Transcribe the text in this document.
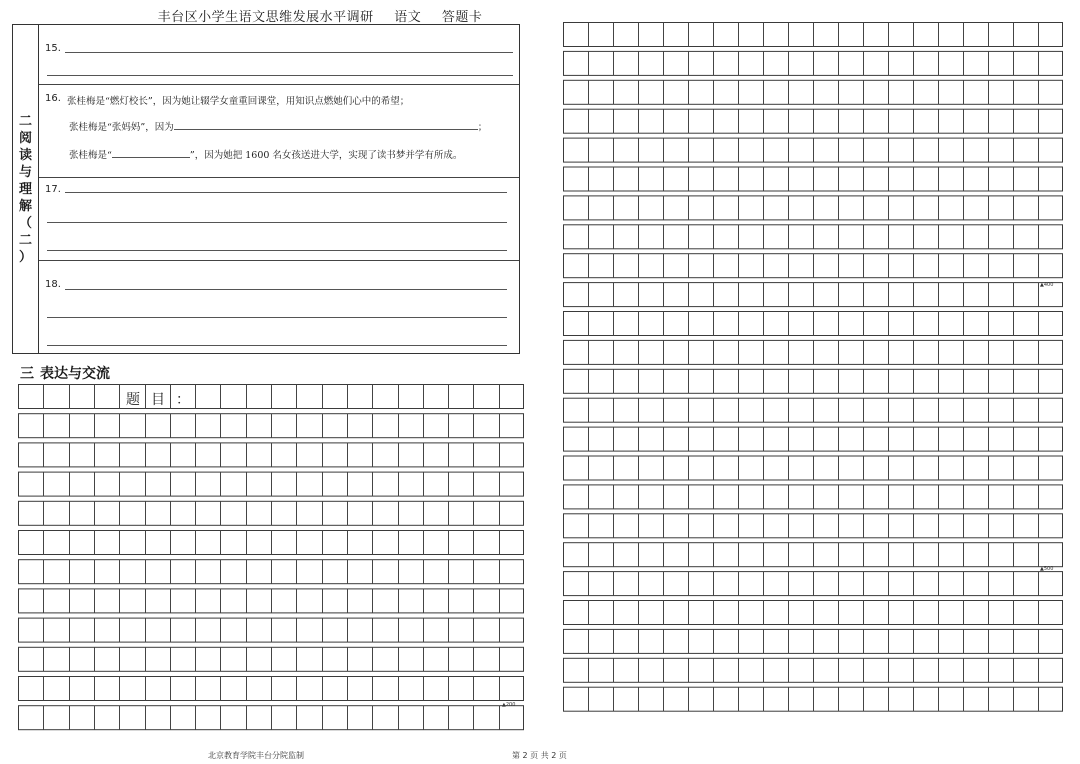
丰台区小学生语文思维发展水平调研 语文 答题卡
二
阅
读
与
理
解
（
二
）
15.
16. 张桂梅是“燃灯校长”，因为她让辍学女童重回课堂，用知识点燃她们心中的希望；
张桂梅是“张妈妈”，因为	；
张桂梅是“	”，因为她把 1600 名女孩送进大学，实现了读书梦并学有所成。
17.
18.
三 表达与交流
题 目 ：
▲200
▲400
▲500
北京教育学院丰台分院监制	第 2 页 共 2 页
